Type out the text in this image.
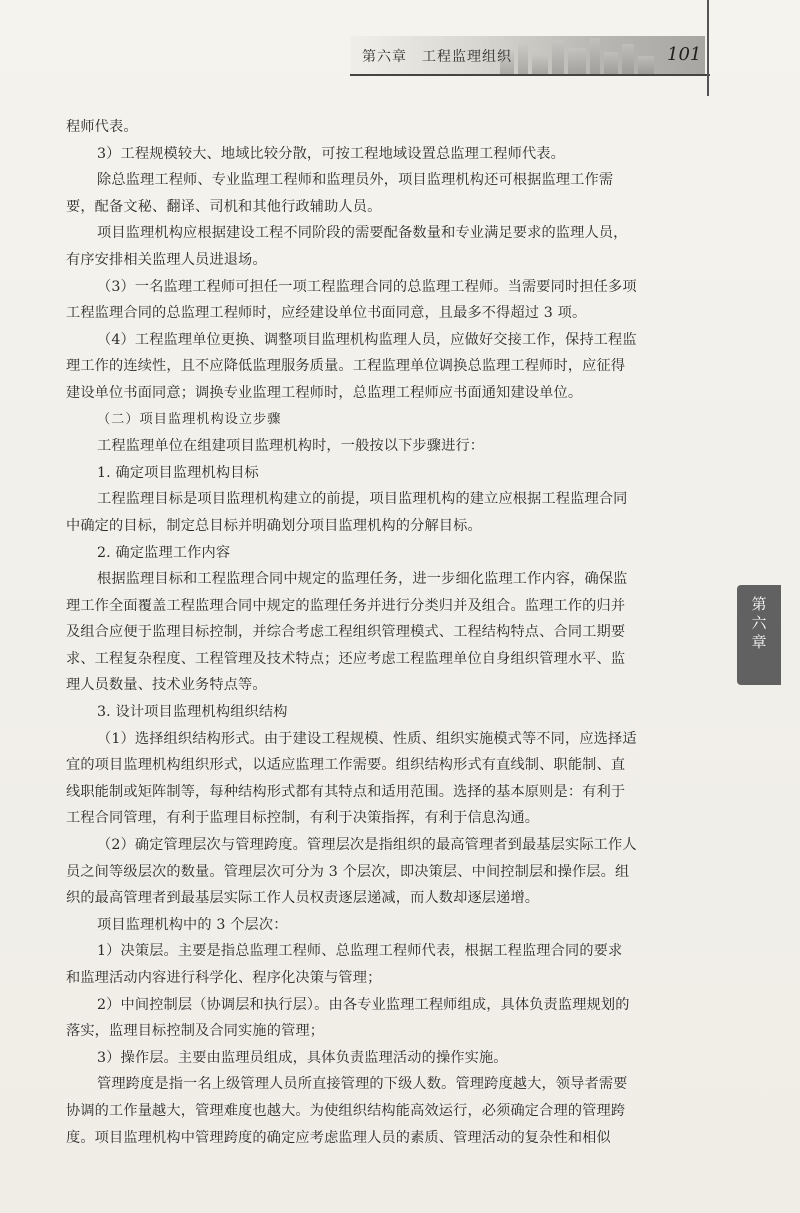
第六章　工程监理组织	101
第
六
章
程师代表。
3）工程规模较大、地域比较分散，可按工程地域设置总监理工程师代表。
除总监理工程师、专业监理工程师和监理员外，项目监理机构还可根据监理工作需
要，配备文秘、翻译、司机和其他行政辅助人员。
项目监理机构应根据建设工程不同阶段的需要配备数量和专业满足要求的监理人员，
有序安排相关监理人员进退场。
（3）一名监理工程师可担任一项工程监理合同的总监理工程师。当需要同时担任多项
工程监理合同的总监理工程师时，应经建设单位书面同意，且最多不得超过 3 项。
（4）工程监理单位更换、调整项目监理机构监理人员，应做好交接工作，保持工程监
理工作的连续性，且不应降低监理服务质量。工程监理单位调换总监理工程师时，应征得
建设单位书面同意；调换专业监理工程师时，总监理工程师应书面通知建设单位。
（二）项目监理机构设立步骤
工程监理单位在组建项目监理机构时，一般按以下步骤进行：
1. 确定项目监理机构目标
工程监理目标是项目监理机构建立的前提，项目监理机构的建立应根据工程监理合同
中确定的目标，制定总目标并明确划分项目监理机构的分解目标。
2. 确定监理工作内容
根据监理目标和工程监理合同中规定的监理任务，进一步细化监理工作内容，确保监
理工作全面覆盖工程监理合同中规定的监理任务并进行分类归并及组合。监理工作的归并
及组合应便于监理目标控制，并综合考虑工程组织管理模式、工程结构特点、合同工期要
求、工程复杂程度、工程管理及技术特点；还应考虑工程监理单位自身组织管理水平、监
理人员数量、技术业务特点等。
3. 设计项目监理机构组织结构
（1）选择组织结构形式。由于建设工程规模、性质、组织实施模式等不同，应选择适
宜的项目监理机构组织形式，以适应监理工作需要。组织结构形式有直线制、职能制、直
线职能制或矩阵制等，每种结构形式都有其特点和适用范围。选择的基本原则是：有利于
工程合同管理，有利于监理目标控制，有利于决策指挥，有利于信息沟通。
（2）确定管理层次与管理跨度。管理层次是指组织的最高管理者到最基层实际工作人
员之间等级层次的数量。管理层次可分为 3 个层次，即决策层、中间控制层和操作层。组
织的最高管理者到最基层实际工作人员权责逐层递减，而人数却逐层递增。
项目监理机构中的 3 个层次：
1）决策层。主要是指总监理工程师、总监理工程师代表，根据工程监理合同的要求
和监理活动内容进行科学化、程序化决策与管理；
2）中间控制层（协调层和执行层）。由各专业监理工程师组成，具体负责监理规划的
落实，监理目标控制及合同实施的管理；
3）操作层。主要由监理员组成，具体负责监理活动的操作实施。
管理跨度是指一名上级管理人员所直接管理的下级人数。管理跨度越大，领导者需要
协调的工作量越大，管理难度也越大。为使组织结构能高效运行，必须确定合理的管理跨
度。项目监理机构中管理跨度的确定应考虑监理人员的素质、管理活动的复杂性和相似
